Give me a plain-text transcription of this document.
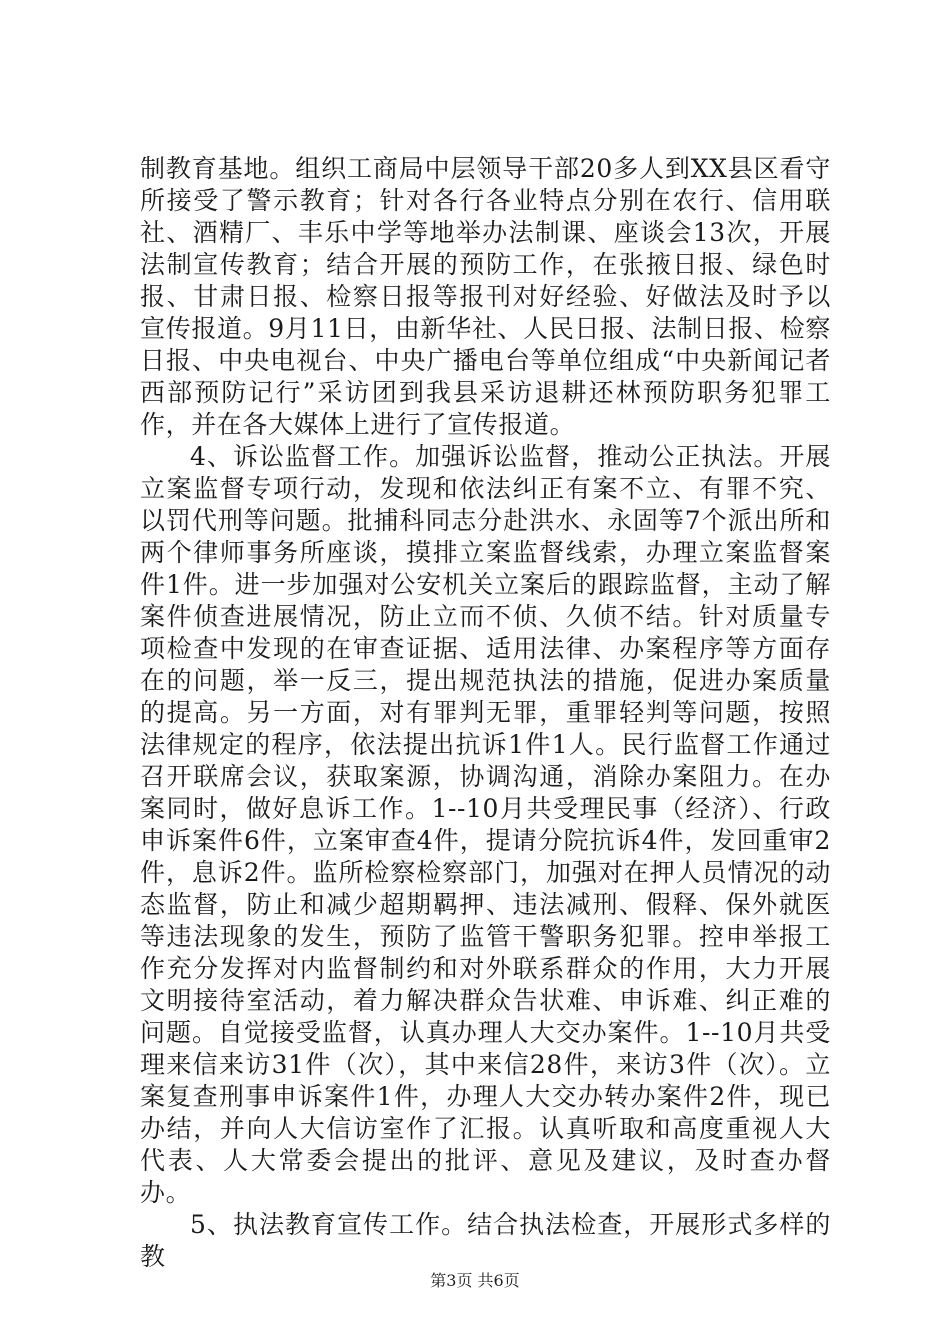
制教育基地。组织工商局中层领导干部20多人到XX县区看守所接受了警示教育；针对各行各业特点分别在农行、信用联社、酒精厂、丰乐中学等地举办法制课、座谈会13次，开展法制宣传教育；结合开展的预防工作，在张掖日报、绿色时报、甘肃日报、检察日报等报刊对好经验、好做法及时予以宣传报道。9月11日，由新华社、人民日报、法制日报、检察日报、中央电视台、中央广播电台等单位组成“中央新闻记者西部预防记行”采访团到我县采访退耕还林预防职务犯罪工作，并在各大媒体上进行了宣传报道。

4、诉讼监督工作。加强诉讼监督，推动公正执法。开展立案监督专项行动，发现和依法纠正有案不立、有罪不究、以罚代刑等问题。批捕科同志分赴洪水、永固等7个派出所和两个律师事务所座谈，摸排立案监督线索，办理立案监督案件1件。进一步加强对公安机关立案后的跟踪监督，主动了解案件侦查进展情况，防止立而不侦、久侦不结。针对质量专项检查中发现的在审查证据、适用法律、办案程序等方面存在的问题，举一反三，提出规范执法的措施，促进办案质量的提高。另一方面，对有罪判无罪，重罪轻判等问题，按照法律规定的程序，依法提出抗诉1件1人。民行监督工作通过召开联席会议，获取案源，协调沟通，消除办案阻力。在办案同时，做好息诉工作。1--10月共受理民事（经济）、行政申诉案件6件，立案审查4件，提请分院抗诉4件，发回重审2件，息诉2件。监所检察检察部门，加强对在押人员情况的动态监督，防止和减少超期羁押、违法减刑、假释、保外就医等违法现象的发生，预防了监管干警职务犯罪。控申举报工作充分发挥对内监督制约和对外联系群众的作用，大力开展文明接待室活动，着力解决群众告状难、申诉难、纠正难的问题。自觉接受监督，认真办理人大交办案件。1--10月共受理来信来访31件（次），其中来信28件，来访3件（次）。立案复查刑事申诉案件1件，办理人大交办转办案件2件，现已办结，并向人大信访室作了汇报。认真听取和高度重视人大代表、人大常委会提出的批评、意见及建议，及时查办督办。

5、执法教育宣传工作。结合执法检查，开展形式多样的教

第3页 共6页
